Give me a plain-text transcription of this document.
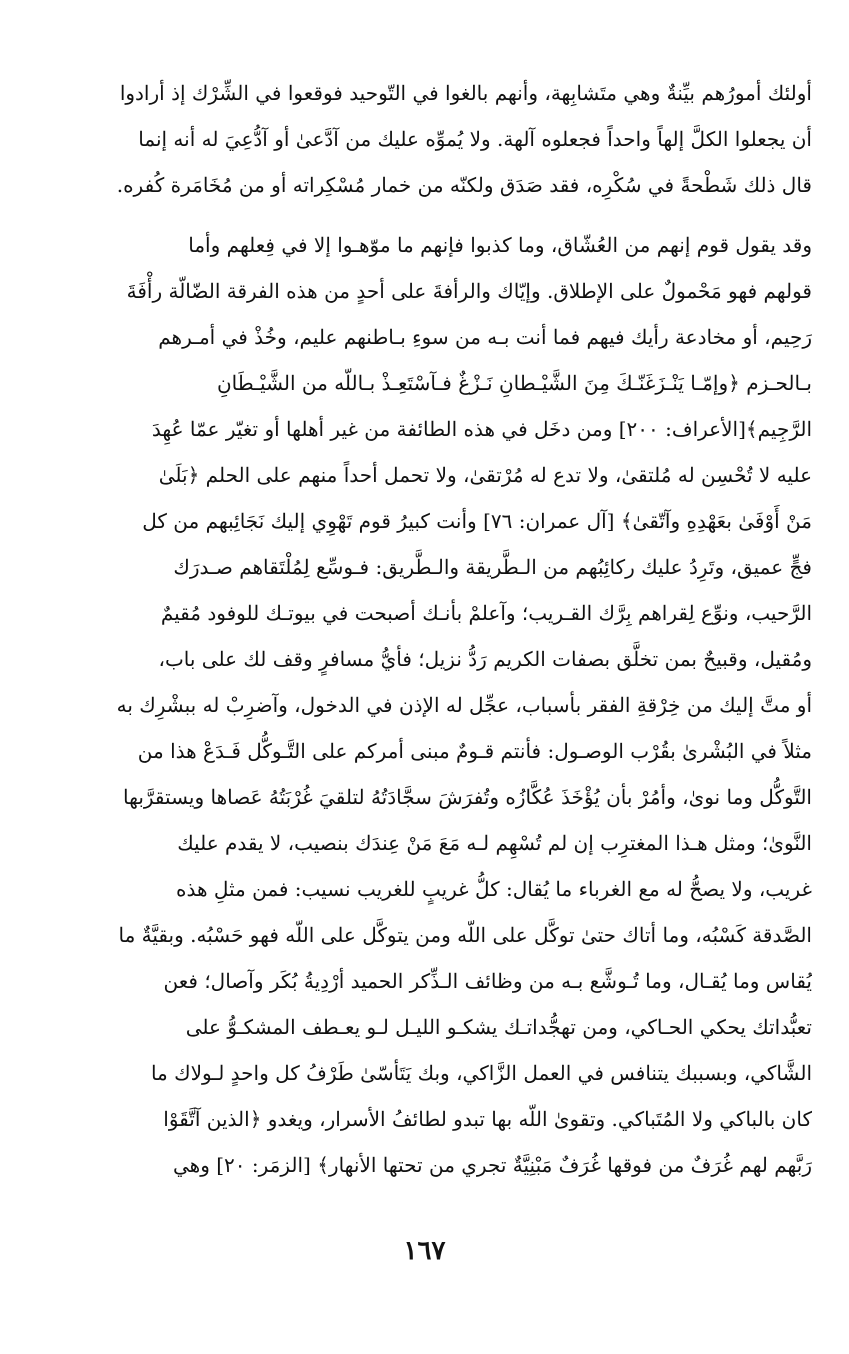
أولئك أمورُهم بيِّنةٌ وهي متَشابِهة، وأنهم بالغوا في التّوحيد فوقعوا في الشِّرْك إذ أرادوا
أن يجعلوا الكلَّ إلهاً واحداً فجعلوه آلهة. ولا يُموِّه عليك من آدَّعىٰ أو آدُّعِيَ له أنه إنما
قال ذلك شَطْحةً في سُكْرِه، فقد صَدَق ولكنّه من خمار مُسْكِراته أو من مُخَامَرة كُفره.

وقد يقول قوم إنهم من العُشّاق، وما كذبوا فإنهم ما موّهـوا إلا في فِعلهم وأما
قولهم فهو مَحْمولٌ على الإطلاق. وإيّاك والرأفةَ على أحدٍ من هذه الفرقة الضّالّة رأْفَةَ
رَحِيم، أو مخادعة رأيك فيهم فما أنت بـه من سوءِ بـاطنهم عليم، وخُذْ في أمـرهم
بـالحـزم ﴿وإمّـا يَنْـزَغَنّـكَ مِنَ الشَّيْـطانِ نَـزْغٌ فـآسْتَعِـذْ بـاللّه من الشَّيْـطَانِ
الرَّجِيم﴾[الأعراف: ٢٠٠] ومن دخَل في هذه الطائفة من غير أهلها أو تغيّر عمّا عُهِدَ
عليه لا تُحْسِن له مُلتقىٰ، ولا تدع له مُرْتقىٰ، ولا تحمل أحداً منهم على الحلم ﴿بَلَىٰ
مَنْ أَوْفَىٰ بعَهْدِهِ وآتّقىٰ﴾ [آل عمران: ٧٦] وأنت كبيرُ قوم تَهْوِي إليك نَجَائِبهم من كل
فجٍّ عميق، وتَرِدُ عليك ركائِبُهم من الـطَّريقة والـطَّريق: فـوسِّع لِمُلْتَقاهم صـدرَك
الرَّحيب، ونوِّع لِقراهم بِرَّك القـريب؛ وآعلمْ بأنـك أصبحت في بيوتـك للوفود مُقيمٌ
ومُقيل، وقبيحٌ بمن تخلَّق بصفات الكريم رَدُّ نزيل؛ فأيُّ مسافرٍ وقف لك على باب،
أو متَّ إليك من خِرْقةِ الفقر بأسباب، عجِّل له الإذن في الدخول، وآضرِبْ له ببشْرِك به
مثلاً في البُشْرىٰ بقُرْب الوصـول: فأنتم قـومٌ مبنى أمركم على التَّـوكُّل فَـدَعْ هذا من
التَّوكُّل وما نوىٰ، وأمُرْ بأن يُؤْخَذَ عُكَّازُه وتُفرَشَ سجَّادَتُهُ لتلقيَ غُرْبَتُهُ عَصاها ويستقرَّبها
النَّوىٰ؛ ومثل هـذا المغترِب إن لم تُسْهِم لـه مَعَ مَنْ عِندَك بنصيب، لا يقدم عليك
غريب، ولا يصحُّ له مع الغرباء ما يُقال: كلُّ غريبٍ للغريب نسيب: فمن مثلِ هذه
الصَّدقة كَسْبُه، وما أتاك حتىٰ توكَّل على اللّه ومن يتوكَّل على اللّه فهو حَسْبُه. وبقيَّةٌ ما
يُقاس وما يُقـال، وما تُـوشَّع بـه من وظائف الـذِّكر الحميد أرْدِيةُ بُكَر وآصال؛ فعن
تعبُّداتك يحكي الحـاكي، ومن تهجُّداتـك يشكـو الليـل لـو يعـطف المشكـوُّ على
الشَّاكي، وبسببك يتنافس في العمل الزَّاكي، وبك يَتَأسّىٰ طَرْفُ كل واحدٍ لـولاك ما
كان بالباكي ولا المُتَباكي. وتقوىٰ اللّه بها تبدو لطائفُ الأسرار، ويغدو ﴿الذين آتَّقَوْا
رَبَّهم لهم غُرَفٌ من فوقها غُرَفٌ مَبْنِيَّةٌ تجري من تحتها الأنهار﴾ [الزمَر: ٢٠] وهي

١٦٧
